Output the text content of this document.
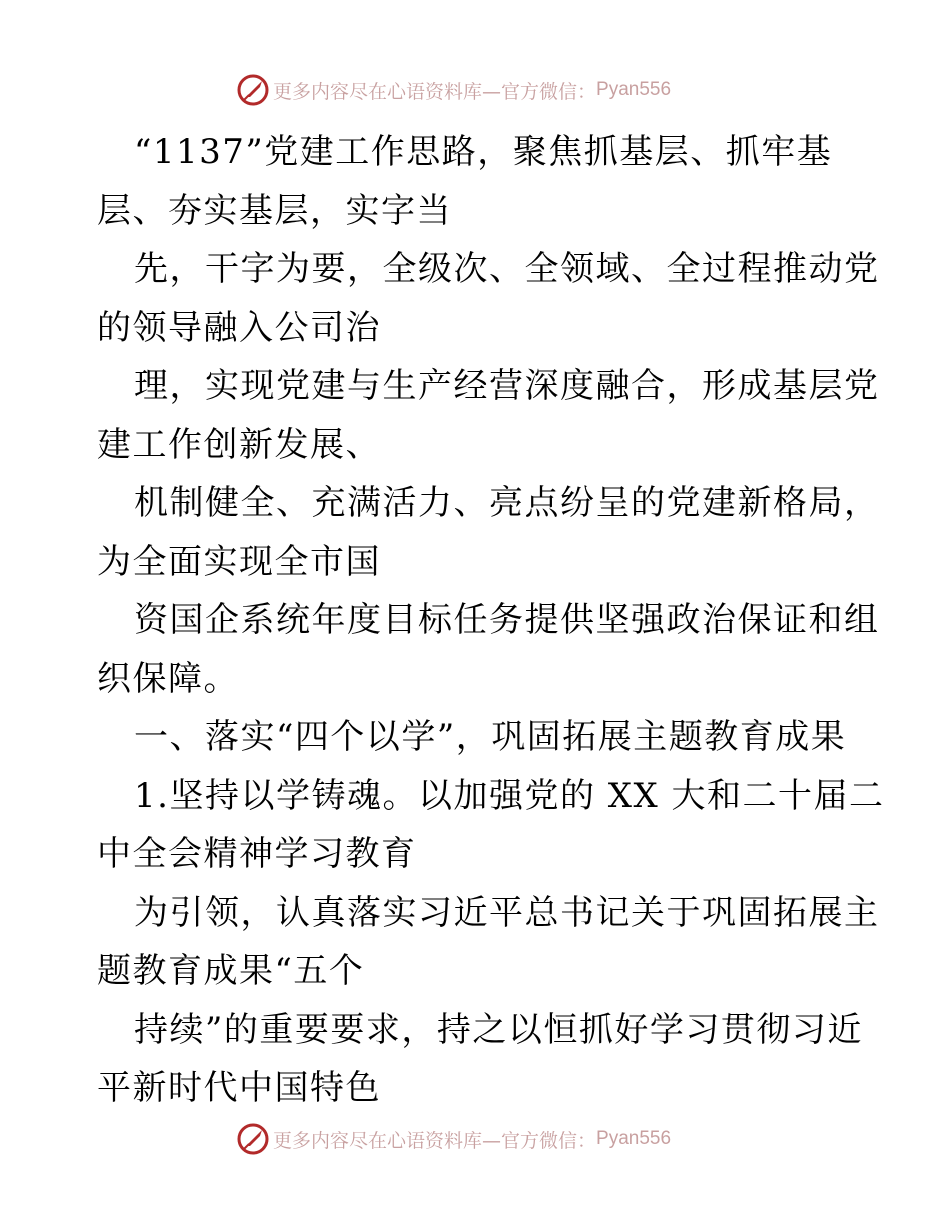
更多内容尽在心语资料库—官方微信： Pyan556
“1137”党建工作思路，聚焦抓基层、抓牢基
层、夯实基层，实字当
先，干字为要，全级次、全领域、全过程推动党
的领导融入公司治
理，实现党建与生产经营深度融合，形成基层党
建工作创新发展、
机制健全、充满活力、亮点纷呈的党建新格局，
为全面实现全市国
资国企系统年度目标任务提供坚强政治保证和组
织保障。
一、落实“四个以学”，巩固拓展主题教育成果
1.坚持以学铸魂。以加强党的 XX 大和二十届二
中全会精神学习教育
为引领，认真落实习近平总书记关于巩固拓展主
题教育成果“五个
持续”的重要要求，持之以恒抓好学习贯彻习近
平新时代中国特色
更多内容尽在心语资料库—官方微信： Pyan556
